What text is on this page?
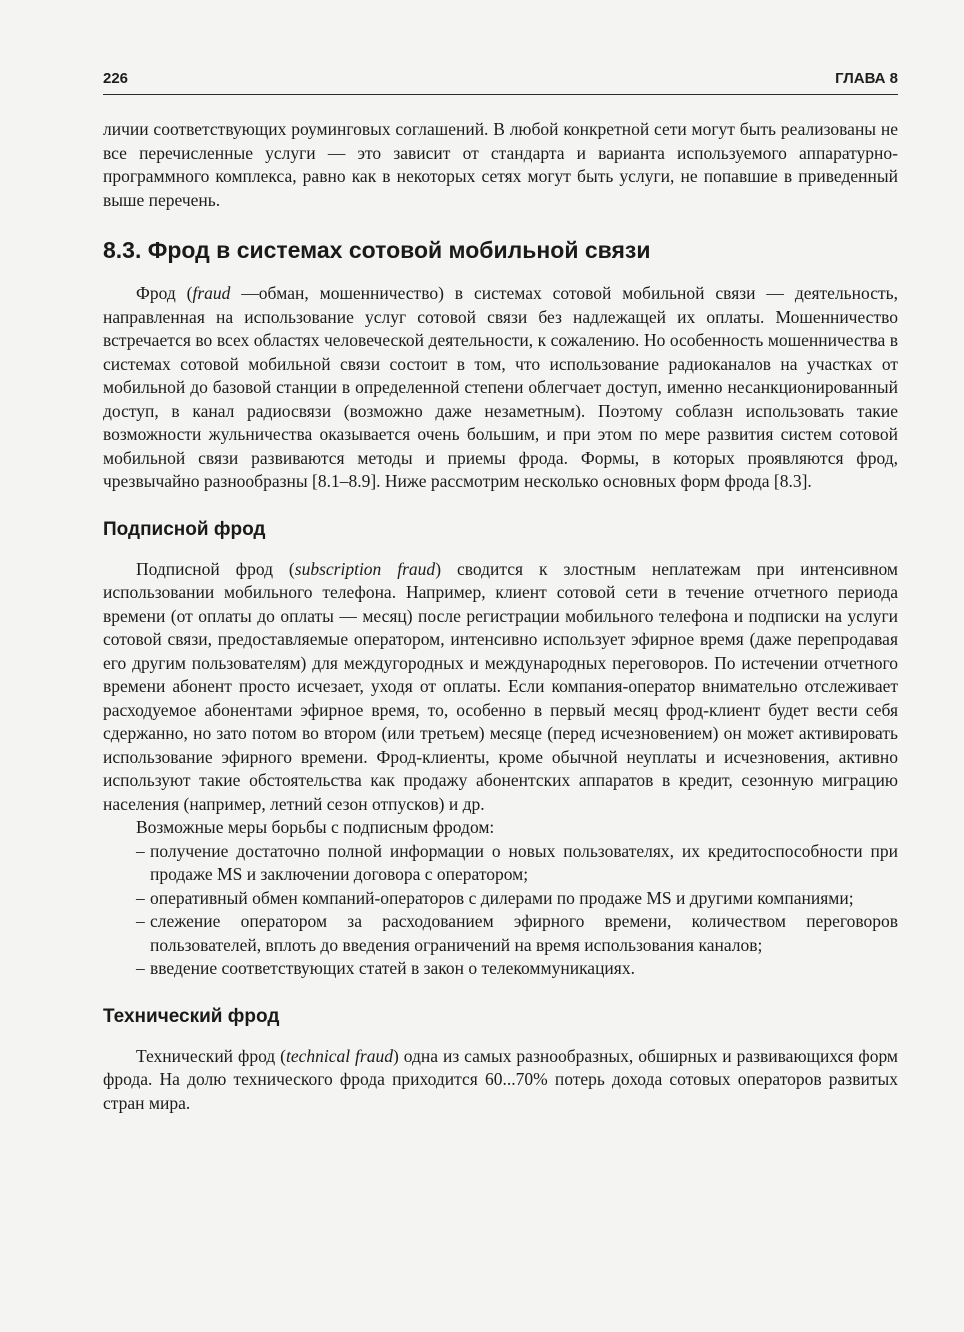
226	ГЛАВА 8

личии соответствующих роуминговых соглашений. В любой конкретной сети могут быть реализованы не все перечисленные услуги — это зависит от стандарта и варианта используемого аппаратурно-программного комплекса, равно как в некоторых сетях могут быть услуги, не попавшие в приведенный выше перечень.

8.3. Фрод в системах сотовой мобильной связи

Фрод (fraud —обман, мошенничество) в системах сотовой мобильной связи — деятельность, направленная на использование услуг сотовой связи без надлежащей их оплаты. Мошенничество встречается во всех областях человеческой деятельности, к сожалению. Но особенность мошенничества в системах сотовой мобильной связи состоит в том, что использование радиоканалов на участках от мобильной до базовой станции в определенной степени облегчает доступ, именно несанкционированный доступ, в канал радиосвязи (возможно даже незаметным). Поэтому соблазн использовать такие возможности жульничества оказывается очень большим, и при этом по мере развития систем сотовой мобильной связи развиваются методы и приемы фрода. Формы, в которых проявляются фрод, чрезвычайно разнообразны [8.1–8.9]. Ниже рассмотрим несколько основных форм фрода [8.3].

Подписной фрод

Подписной фрод (subscription fraud) сводится к злостным неплатежам при интенсивном использовании мобильного телефона. Например, клиент сотовой сети в течение отчетного периода времени (от оплаты до оплаты — месяц) после регистрации мобильного телефона и подписки на услуги сотовой связи, предоставляемые оператором, интенсивно использует эфирное время (даже перепродавая его другим пользователям) для междугородных и международных переговоров. По истечении отчетного времени абонент просто исчезает, уходя от оплаты. Если компания-оператор внимательно отслеживает расходуемое абонентами эфирное время, то, особенно в первый месяц фрод-клиент будет вести себя сдержанно, но зато потом во втором (или третьем) месяце (перед исчезновением) он может активировать использование эфирного времени. Фрод-клиенты, кроме обычной неуплаты и исчезновения, активно используют такие обстоятельства как продажу абонентских аппаратов в кредит, сезонную миграцию населения (например, летний сезон отпусков) и др.

Возможные меры борьбы с подписным фродом:

– получение достаточно полной информации о новых пользователях, их кредитоспособности при продаже MS и заключении договора с оператором;
– оперативный обмен компаний-операторов с дилерами по продаже MS и другими компаниями;
– слежение оператором за расходованием эфирного времени, количеством переговоров пользователей, вплоть до введения ограничений на время использования каналов;
– введение соответствующих статей в закон о телекоммуникациях.
Технический фрод

Технический фрод (technical fraud) одна из самых разнообразных, обширных и развивающихся форм фрода. На долю технического фрода приходится 60...70% потерь дохода сотовых операторов развитых стран мира.
